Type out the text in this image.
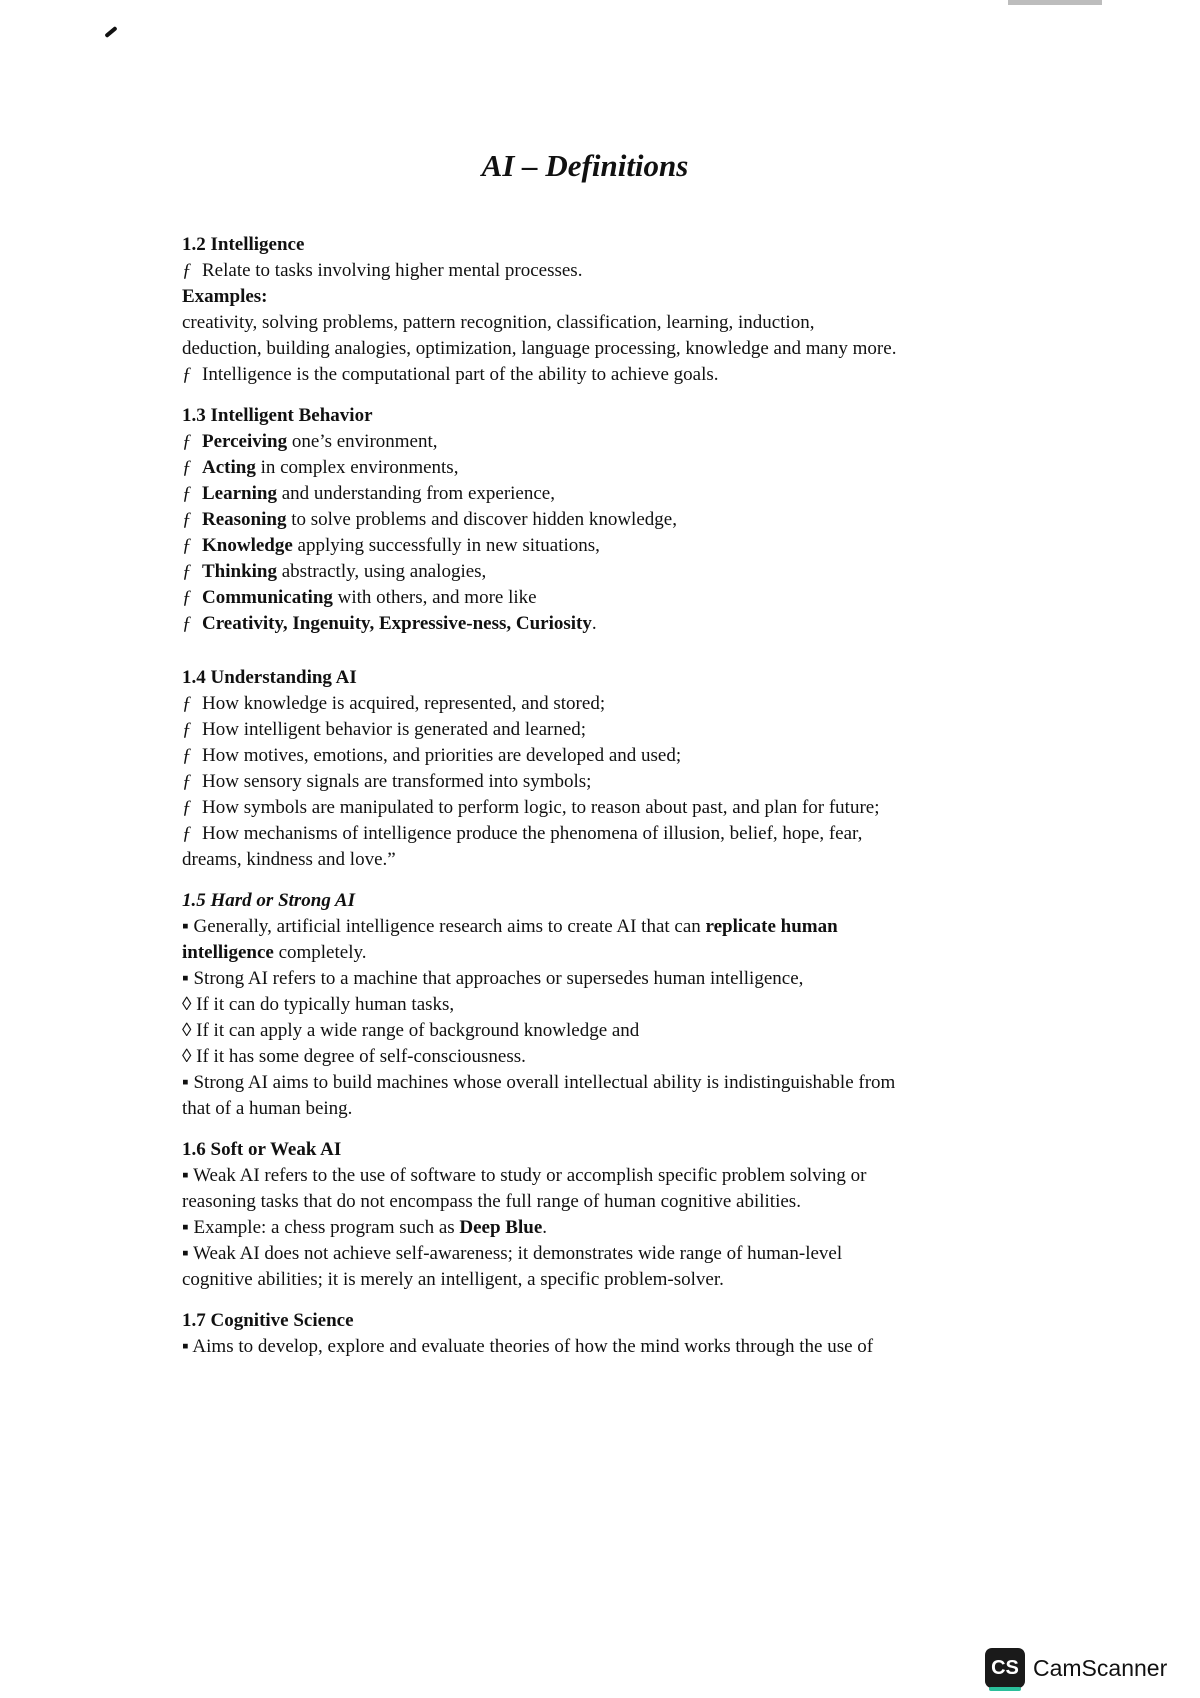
AI – Definitions

1.2 Intelligence

ƒ Relate to tasks involving higher mental processes.

Examples:

creativity, solving problems, pattern recognition, classification, learning, induction,

deduction, building analogies, optimization, language processing, knowledge and many more.

ƒ Intelligence is the computational part of the ability to achieve goals.

1.3 Intelligent Behavior

ƒ Perceiving one’s environment,

ƒ Acting in complex environments,

ƒ Learning and understanding from experience,

ƒ Reasoning to solve problems and discover hidden knowledge,

ƒ Knowledge applying successfully in new situations,

ƒ Thinking abstractly, using analogies,

ƒ Communicating with others, and more like

ƒ Creativity, Ingenuity, Expressive-ness, Curiosity.

1.4 Understanding AI

ƒ How knowledge is acquired, represented, and stored;

ƒ How intelligent behavior is generated and learned;

ƒ How motives, emotions, and priorities are developed and used;

ƒ How sensory signals are transformed into symbols;

ƒ How symbols are manipulated to perform logic, to reason about past, and plan for future;

ƒ How mechanisms of intelligence produce the phenomena of illusion, belief, hope, fear,

dreams, kindness and love.”

1.5 Hard or Strong AI

▪ Generally, artificial intelligence research aims to create AI that can replicate human

intelligence completely.

▪ Strong AI refers to a machine that approaches or supersedes human intelligence,

◊ If it can do typically human tasks,

◊ If it can apply a wide range of background knowledge and

◊ If it has some degree of self-consciousness.

▪ Strong AI aims to build machines whose overall intellectual ability is indistinguishable from

that of a human being.

1.6 Soft or Weak AI

▪ Weak AI refers to the use of software to study or accomplish specific problem solving or

reasoning tasks that do not encompass the full range of human cognitive abilities.

▪ Example: a chess program such as Deep Blue.

▪ Weak AI does not achieve self-awareness; it demonstrates wide range of human-level

cognitive abilities; it is merely an intelligent, a specific problem-solver.

1.7 Cognitive Science

▪ Aims to develop, explore and evaluate theories of how the mind works through the use of

CS CamScanner
